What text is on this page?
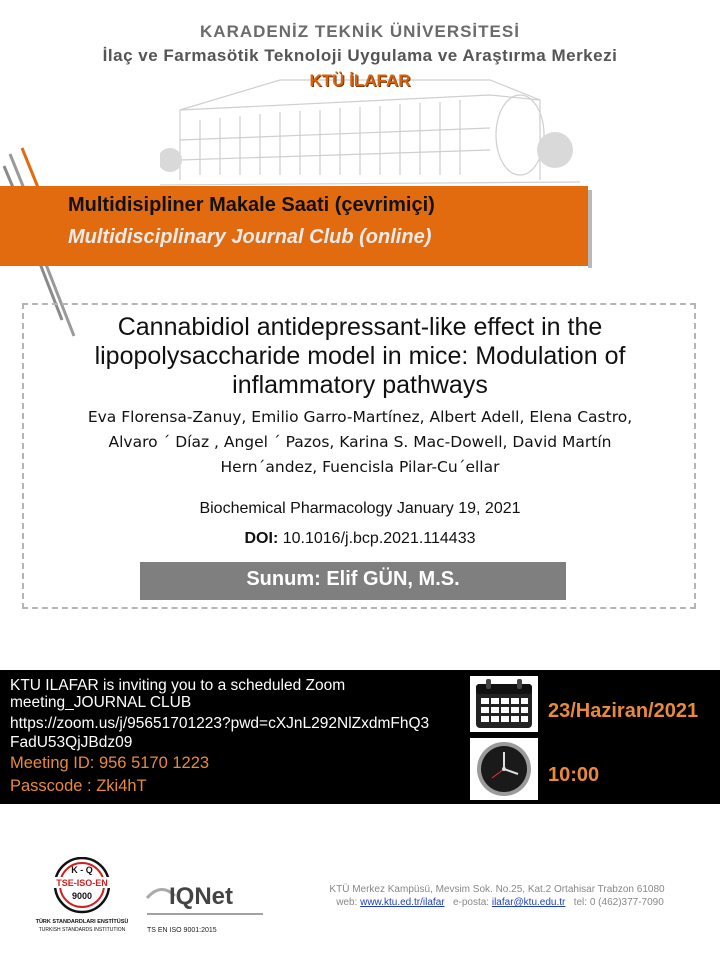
KARADENİZ TEKNİK ÜNİVERSİTESİ
İlaç ve Farmasötik Teknoloji Uygulama ve Araştırma Merkezi
KTÜ İLAFAR
Multidisipliner Makale Saati (çevrimiçi)
Multidisciplinary Journal Club (online)
Cannabidiol antidepressant-like effect in the
lipopolysaccharide model in mice: Modulation of
inflammatory pathways
Eva Florensa-Zanuy, Emilio Garro-Martínez, Albert Adell, Elena Castro,
Alvaro ´ Díaz , Angel ´ Pazos, Karina S. Mac-Dowell, David Martín
Hern´andez, Fuencisla Pilar-Cu´ellar
Biochemical Pharmacology January 19, 2021
DOI: 10.1016/j.bcp.2021.114433
Sunum: Elif GÜN, M.S.
KTU ILAFAR is inviting you to a scheduled Zoom meeting_JOURNAL CLUB
https://zoom.us/j/95651701223?pwd=cXJnL292NlZxdmFhQ3
FadU53QjJBdz09
Meeting ID: 956 5170 1223
Passcode : Zki4hT
23/Haziran/2021
10:00
K - Q
TSE-ISO-EN
9000
TÜRK STANDARDLARI ENSTİTÜSÜ
TURKISH STANDARDS INSTITUTION
IQNet
TS EN ISO 9001:2015
KTÜ Merkez Kampüsü, Mevsim Sok. No.25, Kat.2 Ortahisar Trabzon 61080
web: www.ktu.ed.tr/ilafar e-posta: ilafar@ktu.edu.tr tel: 0 (462)377-7090
